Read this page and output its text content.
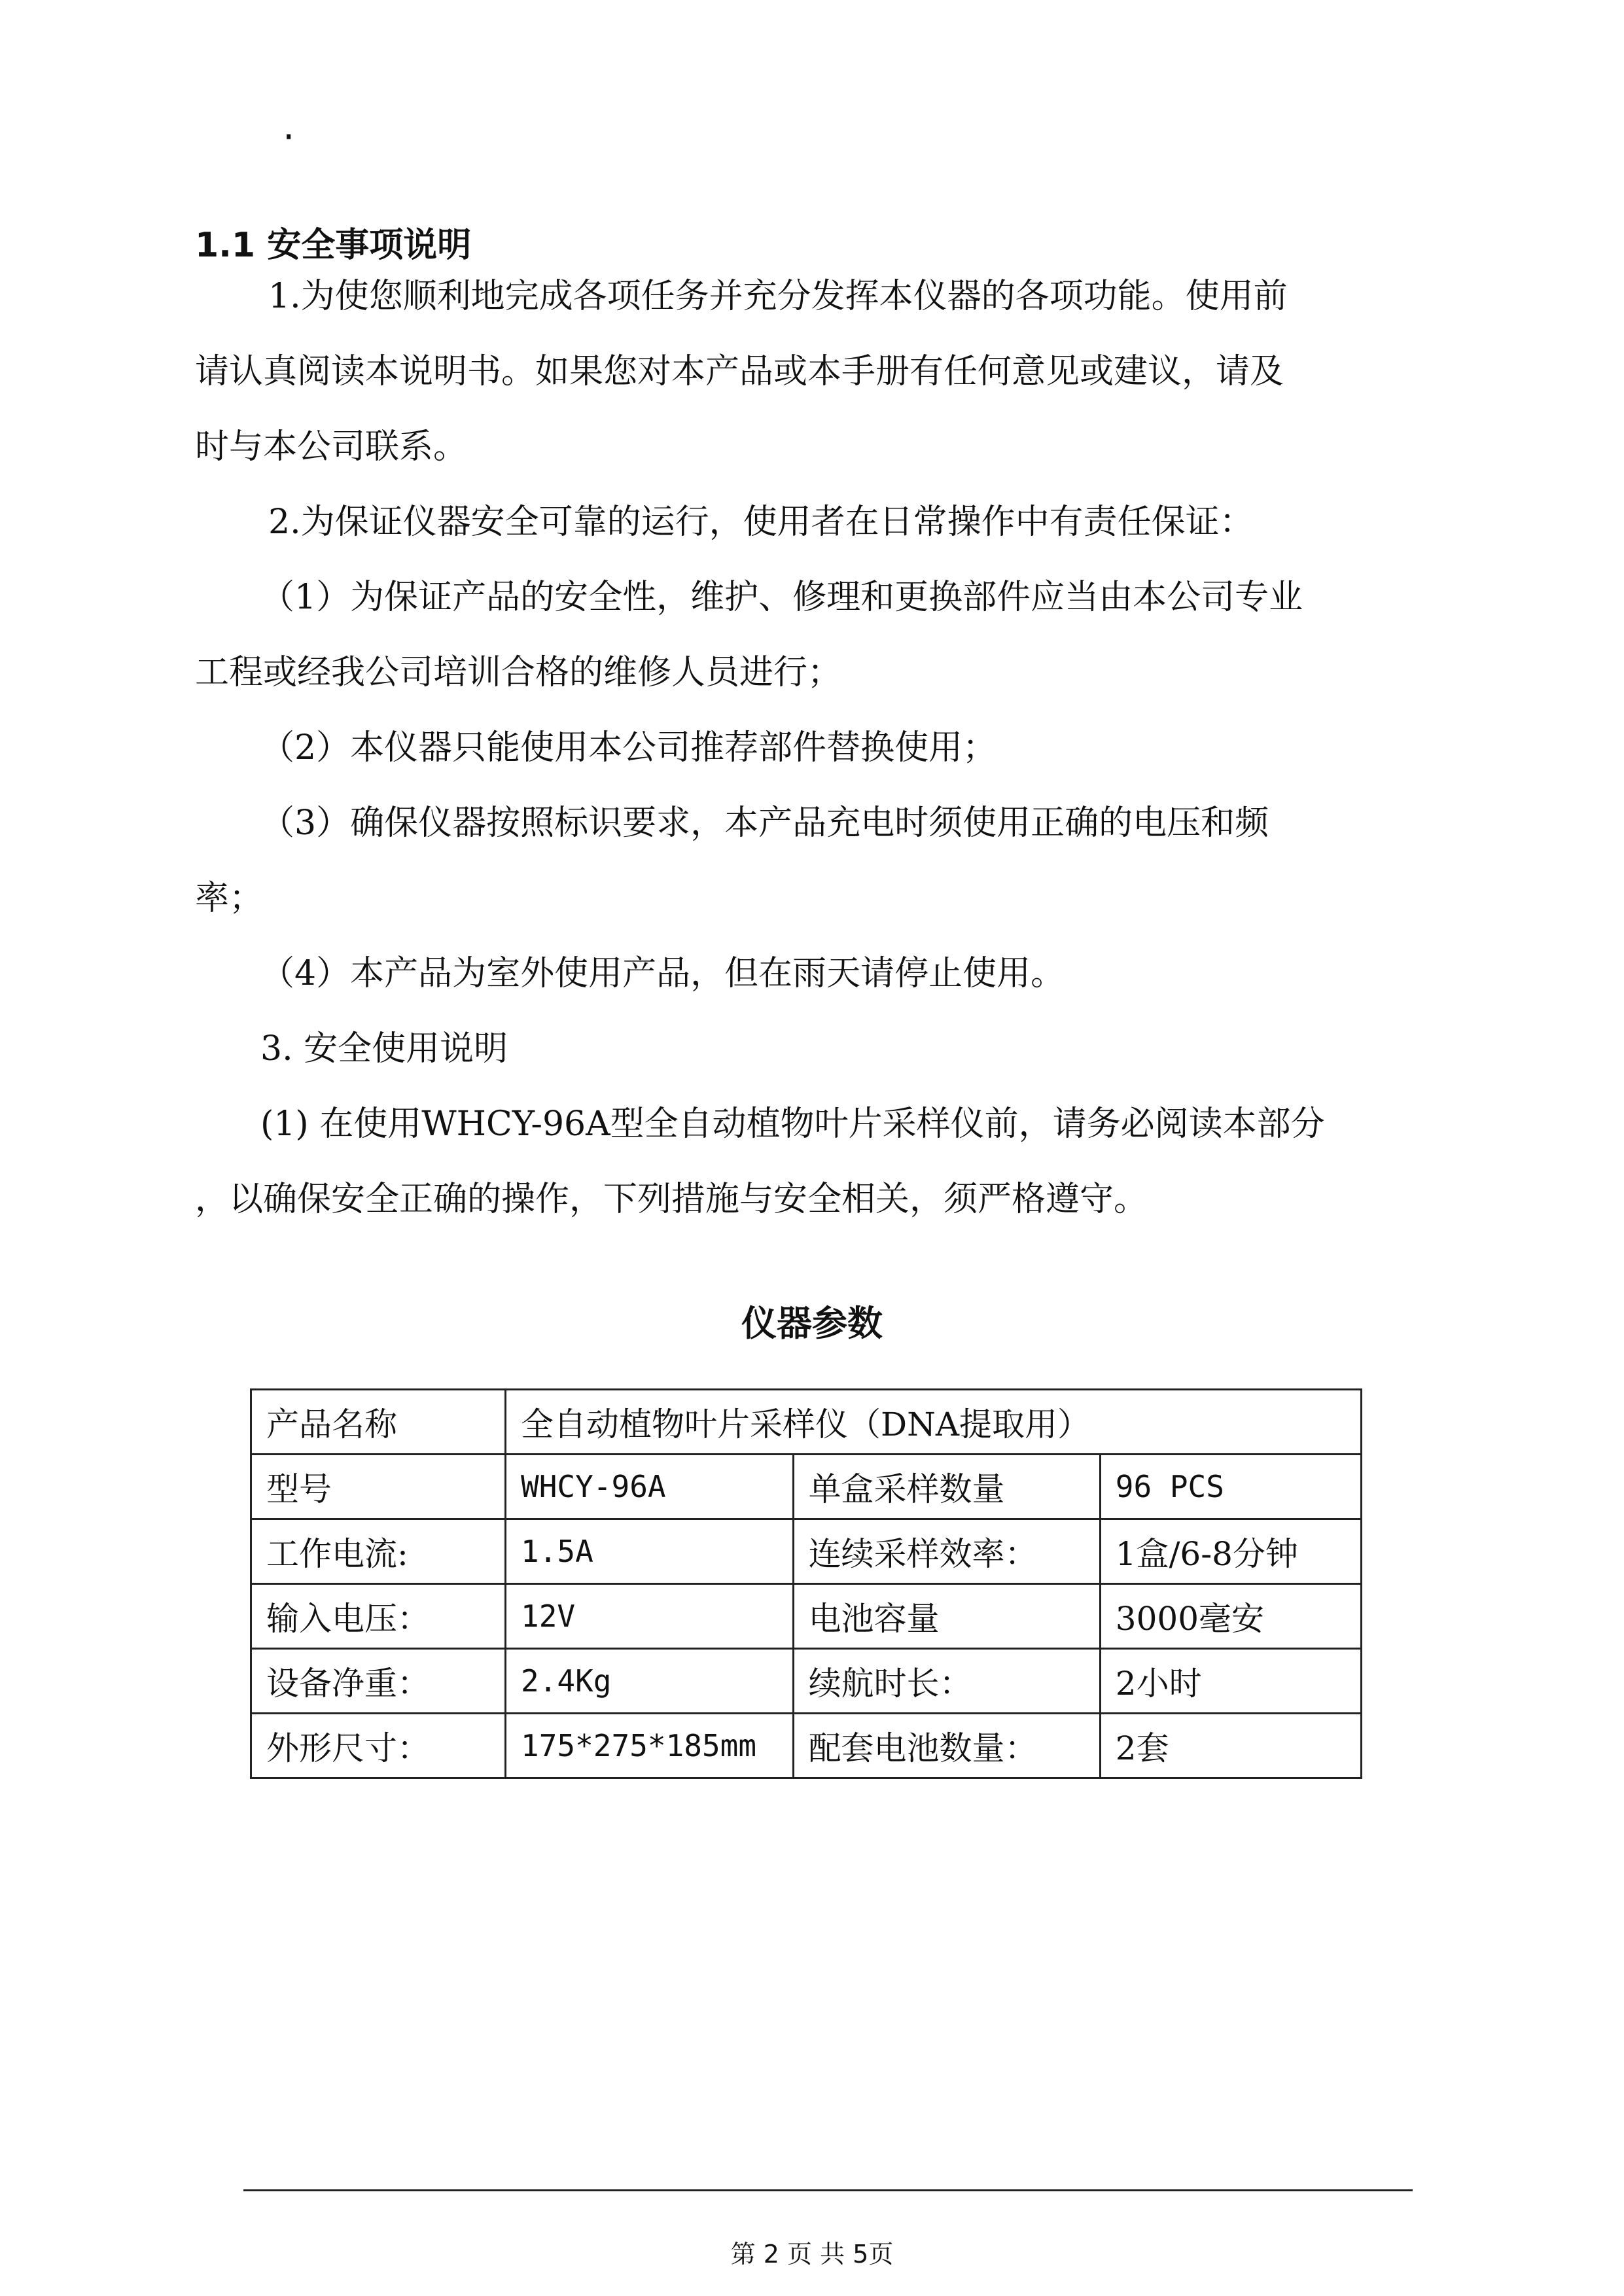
·
1.1 安全事项说明

1.为使您顺利地完成各项任务并充分发挥本仪器的各项功能。使用前

请认真阅读本说明书。如果您对本产品或本手册有任何意见或建议，请及

时与本公司联系。

2.为保证仪器安全可靠的运行，使用者在日常操作中有责任保证：

（1）为保证产品的安全性，维护、修理和更换部件应当由本公司专业

工程或经我公司培训合格的维修人员进行；

（2）本仪器只能使用本公司推荐部件替换使用；

（3）确保仪器按照标识要求，本产品充电时须使用正确的电压和频

率；

（4）本产品为室外使用产品，但在雨天请停止使用。

3. 安全使用说明

(1) 在使用WHCY-96A型全自动植物叶片采样仪前，请务必阅读本部分

，以确保安全正确的操作，下列措施与安全相关，须严格遵守。

仪器参数
产品名称	全自动植物叶片采样仪（DNA提取用）		
型号	WHCY-96A	单盒采样数量	96 PCS
工作电流:	1.5A	连续采样效率：	1盒/6-8分钟
输入电压：	12V	电池容量	3000毫安
设备净重：	2.4Kg	续航时长：	2小时
外形尺寸：	175*275*185mm	配套电池数量：	2套
第 2 页 共 5页
